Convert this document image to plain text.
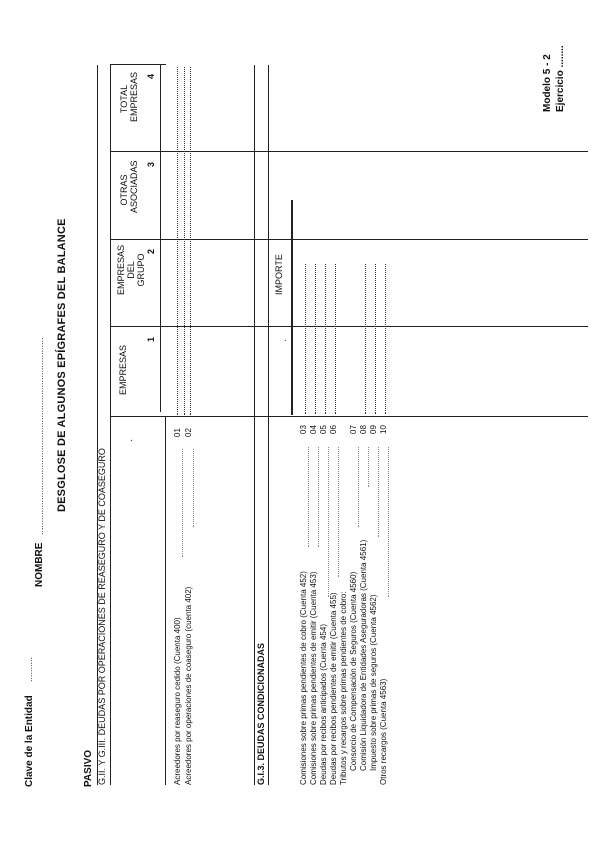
Clave de la Entidad
..........
NOMBRE
...............................................................................
Modelo 5 - 2 Ejercicio ........
DESGLOSE DE ALGUNOS EPÍGRAFES DEL BALANCE
PASIVO G.II. Y G.III. DEUDAS POR OPERACIONES DE REASEGURO Y DE COASEGURO
·
EMPRESAS
1
EMPRESAS DEL GRUPO
2
OTRAS ASOCIADAS 3
TOTAL EMPRESAS 4
Acreedores por reaseguro cedido (Cuenta 400)
01
Acreedores por operaciones de coaseguro (cuenta 402)
02
G.I.3. DEUDAS CONDICIONADAS
IMPORTE
·
Comisiones sobre primas pendientes de cobro (Cuenta 452)
03
Comisiones sobre primas pendientes de emitir (Cuenta 453)
04
Deudas por recibos anticipados (Cuenta 454)
05
Deudas por recibos pendientes de emitir (Cuenta 455)
06
Tributos y recargos sobre primas pendientes de cobro: Consorcio de Compensación de Seguros (Cuenta 4560)
07
Comisión Liquidadora de Entidades Aseguradoras (Cuenta 4561)
08
Impuesto sobre primas de seguros (Cuenta 4562)
09
Otros recargos (Cuenta 4563)
10
